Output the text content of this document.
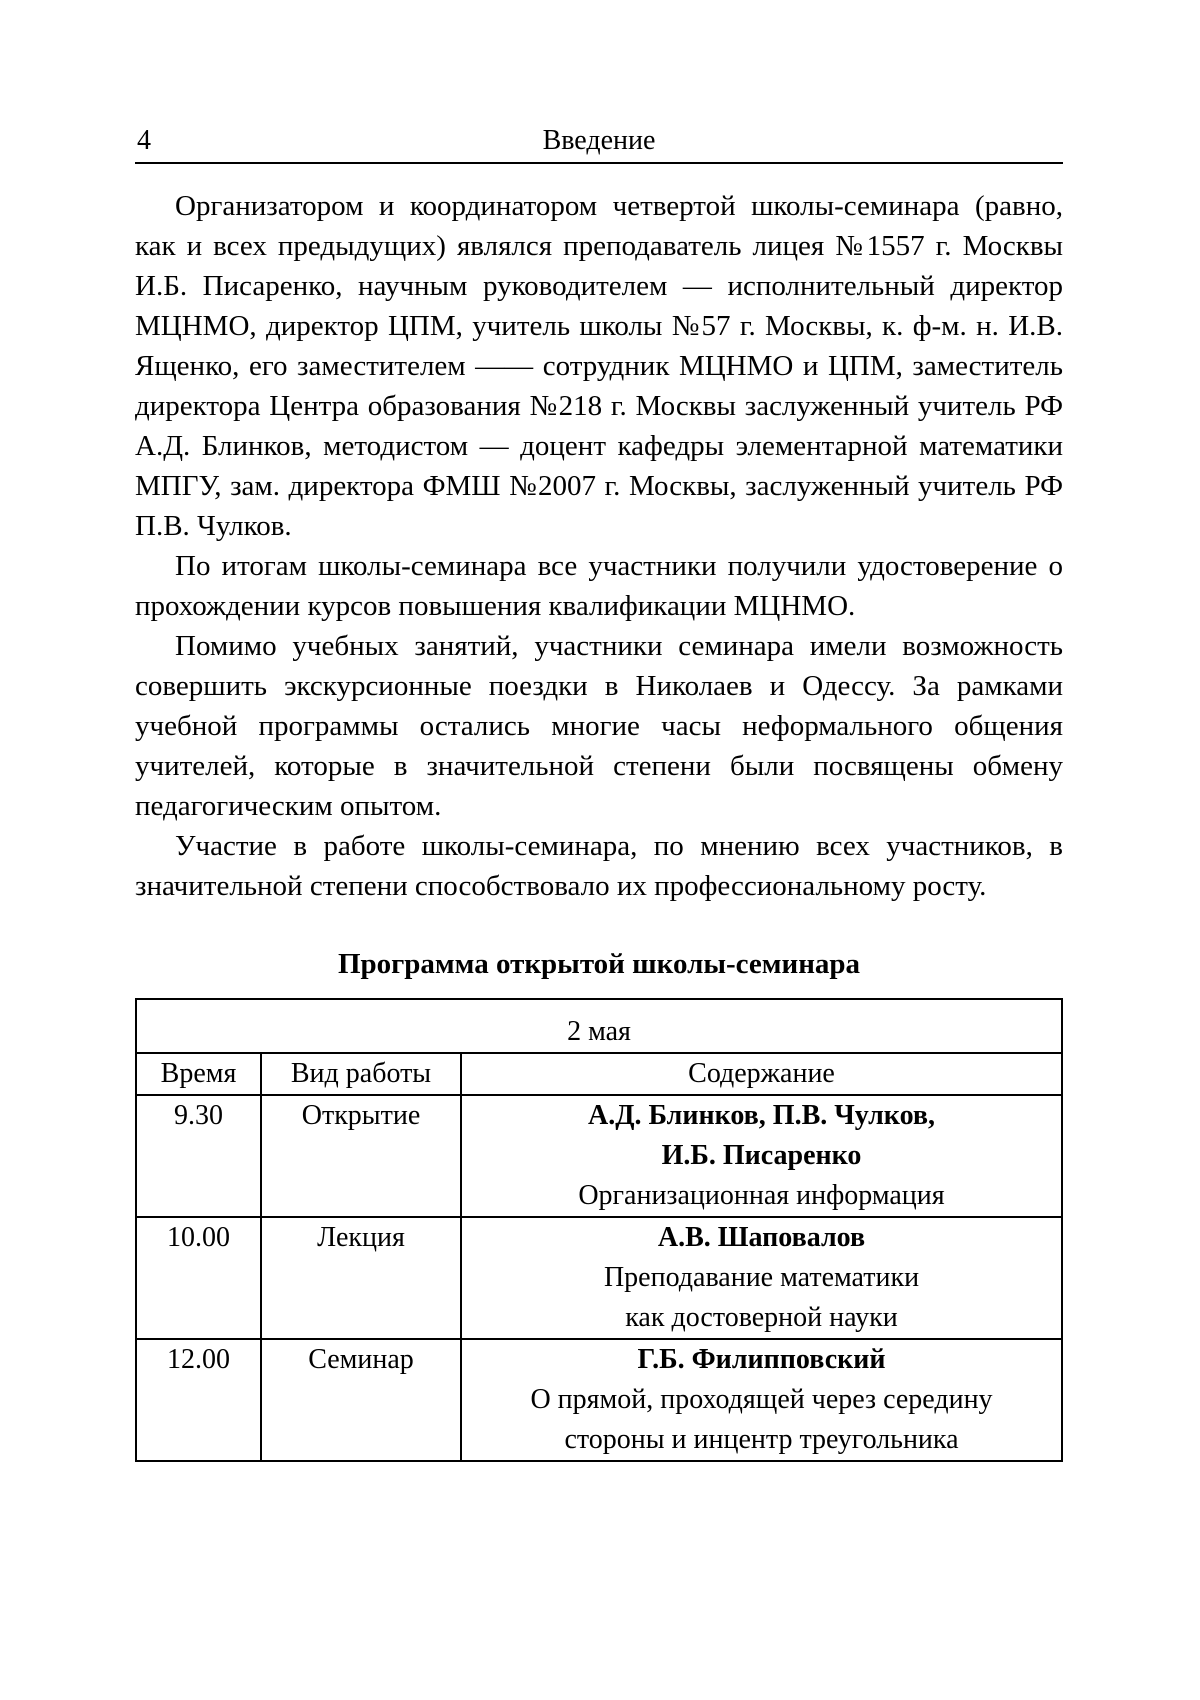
4	Введение

Организатором и координатором четвертой школы-семинара (равно, как и всех предыдущих) являлся преподаватель лицея №1557 г. Москвы И.Б. Писаренко, научным руководителем — исполнительный директор МЦНМО, директор ЦПМ, учитель школы №57 г. Москвы, к. ф-м. н. И.В. Ященко, его заместителем —— сотрудник МЦНМО и ЦПМ, заместитель директора Центра образования №218 г. Москвы заслуженный учитель РФ А.Д. Блинков, методистом — доцент кафедры элементарной математики МПГУ, зам. директора ФМШ №2007 г. Москвы, заслуженный учитель РФ П.В. Чулков.

По итогам школы-семинара все участники получили удостоверение о прохождении курсов повышения квалификации МЦНМО.

Помимо учебных занятий, участники семинара имели возможность совершить экскурсионные поездки в Николаев и Одессу. За рамками учебной программы остались многие часы неформального общения учителей, которые в значительной степени были посвящены обмену педагогическим опытом.

Участие в работе школы-семинара, по мнению всех участников, в значительной степени способствовало их профессиональному росту.

Программа открытой школы-семинара
2 мая		
Время	Вид работы	Содержание
9.30	Открытие	А.Д. Блинков, П.В. Чулков,
И.Б. Писаренко
Организационная информация

10.00	Лекция	А.В. Шаповалов
Преподавание математики
как достоверной науки

12.00	Семинар	Г.Б. Филипповский
О прямой, проходящей через середину
стороны и инцентр треугольника
